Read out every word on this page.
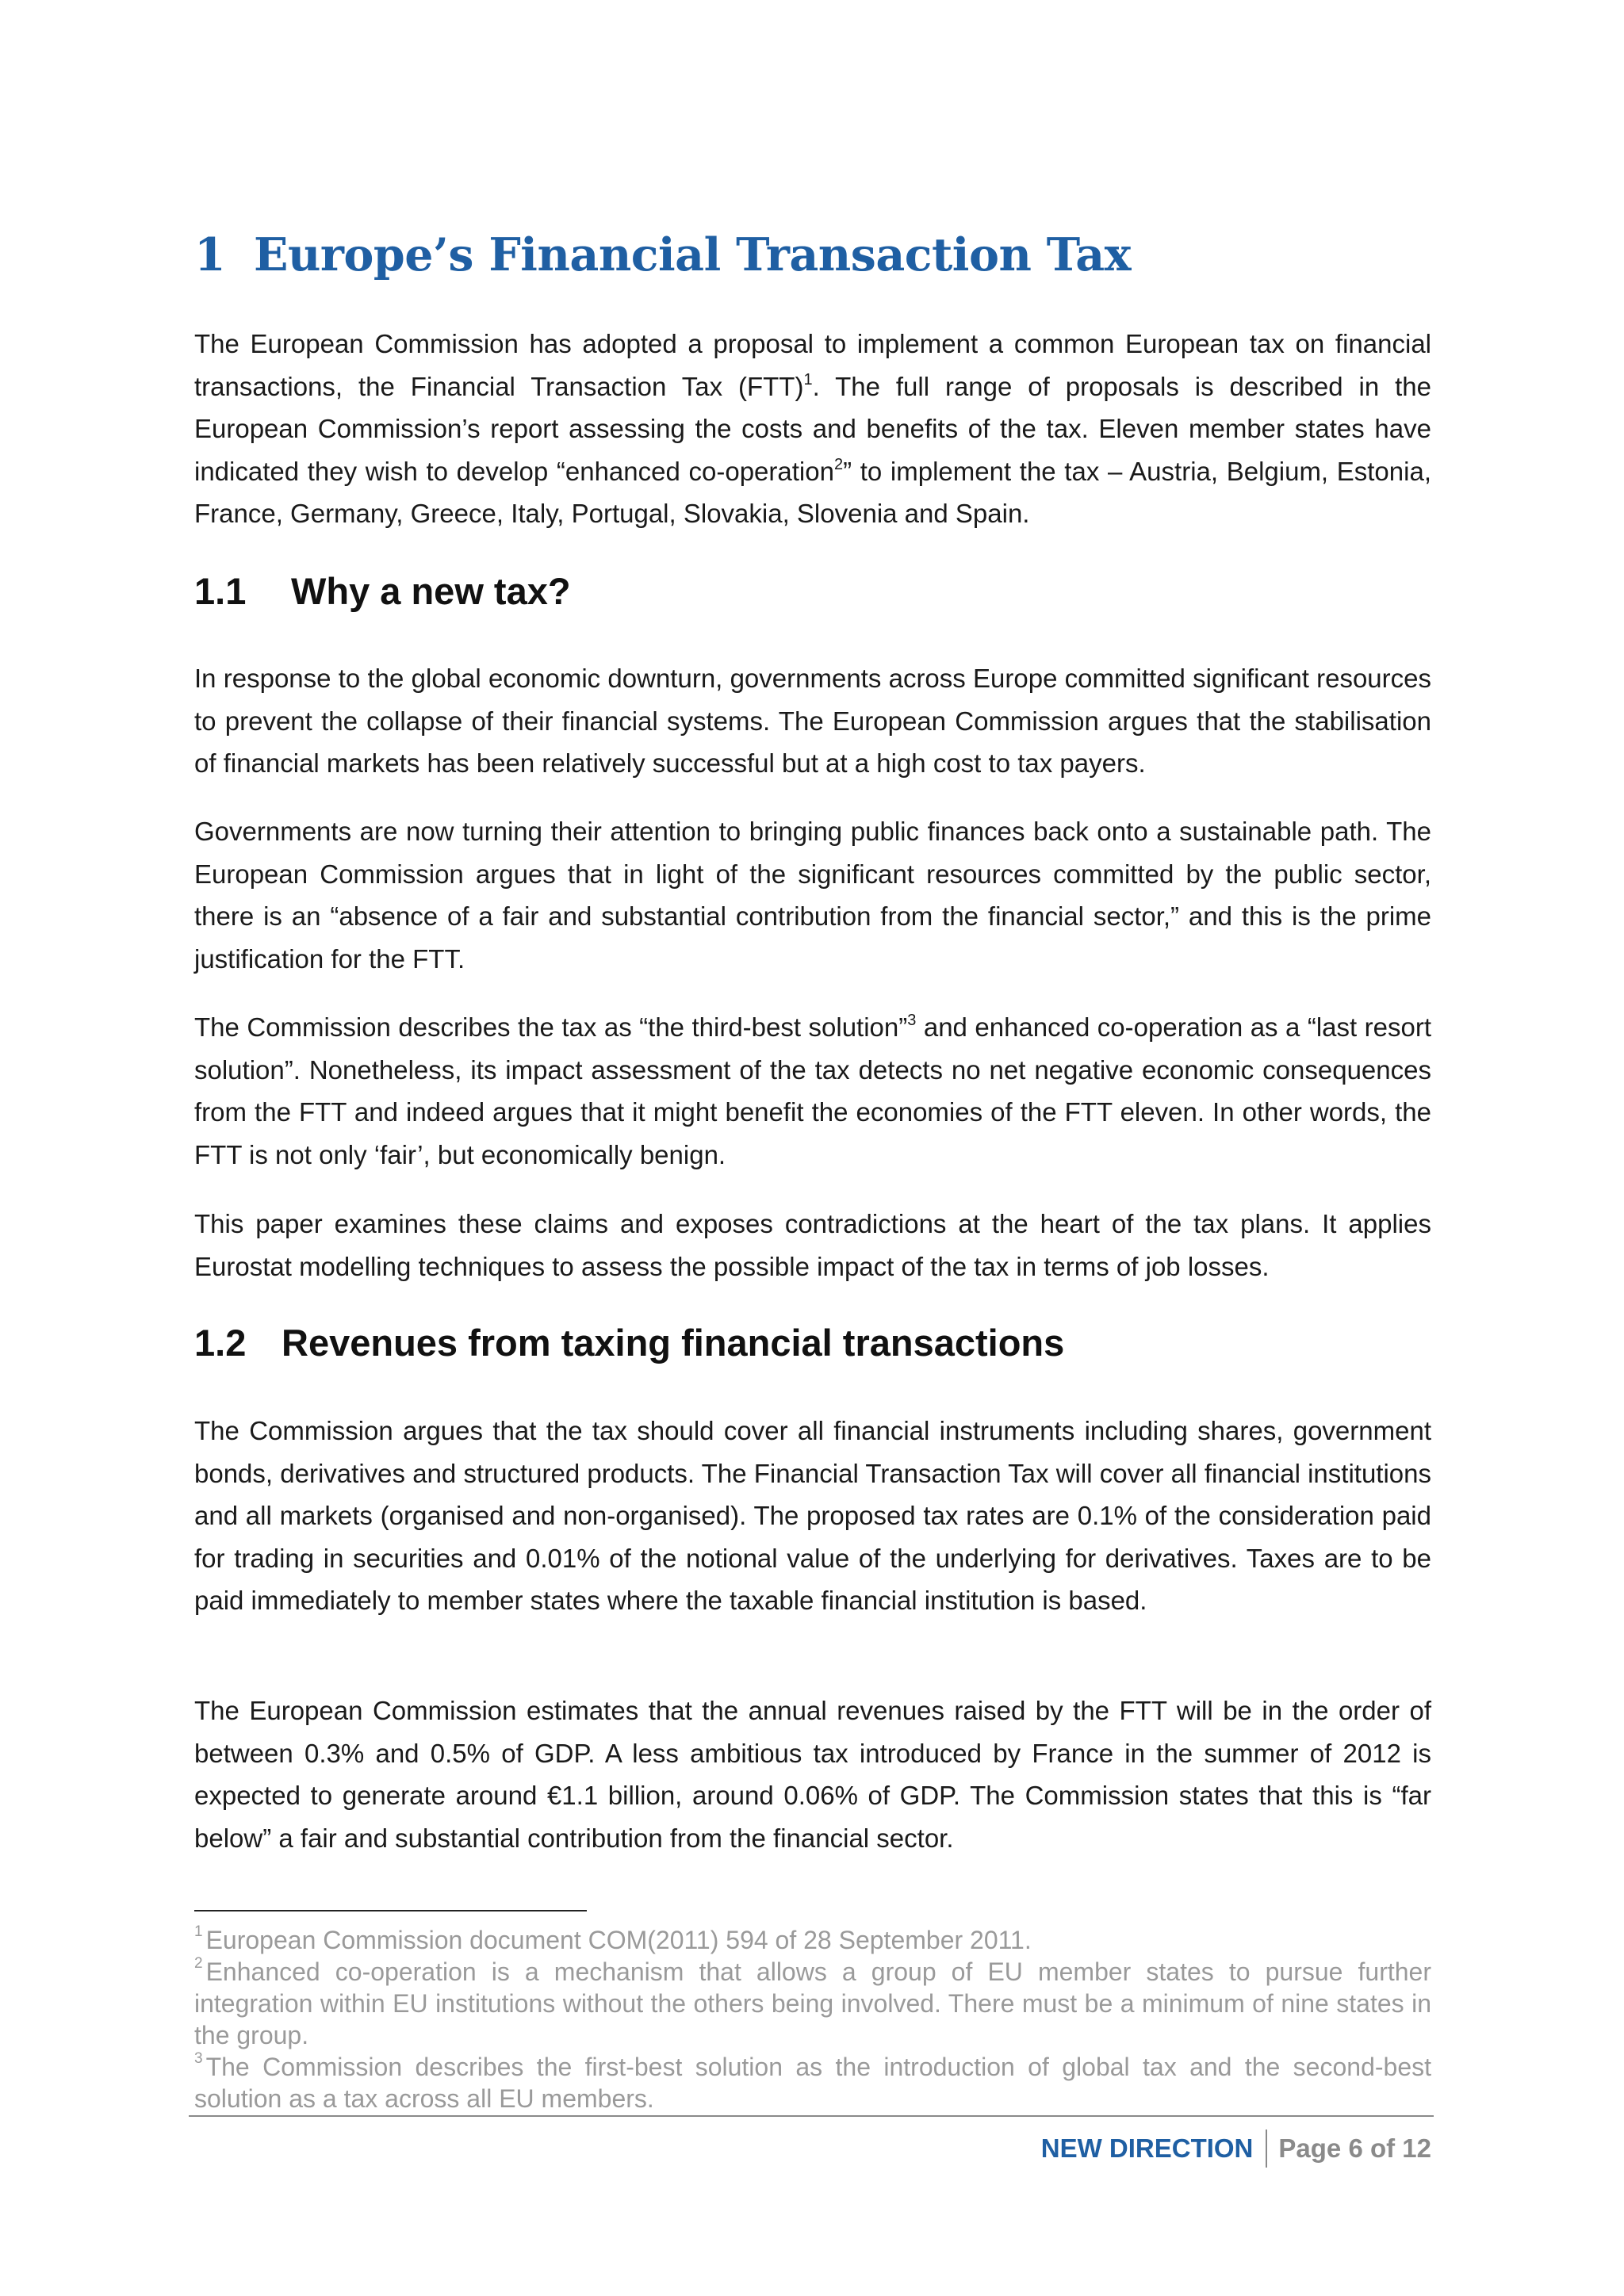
1 Europe’s Financial Transaction Tax

The European Commission has adopted a proposal to implement a common European tax on financial transactions, the Financial Transaction Tax (FTT)$^1$. The full range of proposals is described in the European Commission’s report assessing the costs and benefits of the tax. Eleven member states have indicated they wish to develop “enhanced co-operation$^2$” to implement the tax – Austria, Belgium, Estonia, France, Germany, Greece, Italy, Portugal, Slovakia, Slovenia and Spain.

1.1 Why a new tax?

In response to the global economic downturn, governments across Europe committed significant resources to prevent the collapse of their financial systems. The European Commission argues that the stabilisation of financial markets has been relatively successful but at a high cost to tax payers.

Governments are now turning their attention to bringing public finances back onto a sustainable path. The European Commission argues that in light of the significant resources committed by the public sector, there is an “absence of a fair and substantial contribution from the financial sector,” and this is the prime justification for the FTT.

The Commission describes the tax as “the third-best solution”$^3$ and enhanced co-operation as a “last resort solution”. Nonetheless, its impact assessment of the tax detects no net negative economic consequences from the FTT and indeed argues that it might benefit the economies of the FTT eleven. In other words, the FTT is not only ‘fair’, but economically benign.

This paper examines these claims and exposes contradictions at the heart of the tax plans. It applies Eurostat modelling techniques to assess the possible impact of the tax in terms of job losses.

1.2 Revenues from taxing financial transactions

The Commission argues that the tax should cover all financial instruments including shares, government bonds, derivatives and structured products. The Financial Transaction Tax will cover all financial institutions and all markets (organised and non-organised). The proposed tax rates are 0.1% of the consideration paid for trading in securities and 0.01% of the notional value of the underlying for derivatives. Taxes are to be paid immediately to member states where the taxable financial institution is based.

The European Commission estimates that the annual revenues raised by the FTT will be in the order of between 0.3% and 0.5% of GDP. A less ambitious tax introduced by France in the summer of 2012 is expected to generate around €1.1 billion, around 0.06% of GDP. The Commission states that this is “far below” a fair and substantial contribution from the financial sector.

$^1$ European Commission document COM(2011) 594 of 28 September 2011.

$^2$ Enhanced co-operation is a mechanism that allows a group of EU member states to pursue further integration within EU institutions without the others being involved. There must be a minimum of nine states in the group.

$^3$ The Commission describes the first-best solution as the introduction of global tax and the second-best solution as a tax across all EU members.

NEW DIRECTION Page 6 of 12
